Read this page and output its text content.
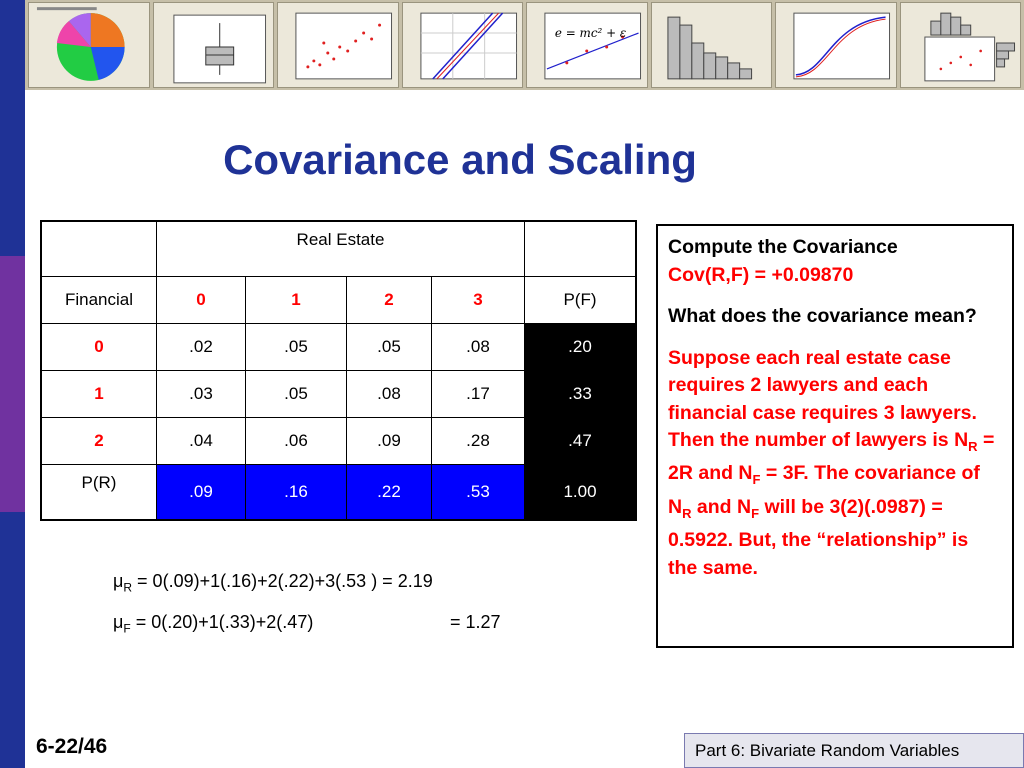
e = mc² + ε
Covariance and Scaling
	Real Estate				
Financial	0	1	2	3	P(F)
0	.02	.05	.05	.08	.20
1	.03	.05	.08	.17	.33
2	.04	.06	.09	.28	.47
P(R)	.09	.16	.22	.53	1.00
$\mu_R = 0(.09)+1(.16)+2(.22)+3(.53$ ) = 2.19
$\mu_F = 0(.20)+1(.33)+2(.47)$	= 1.27

Compute the Covariance

Cov(R,F) = +0.09870

What does the covariance mean?

Suppose each real estate case requires 2 lawyers and each financial case requires 3 lawyers. Then the number of lawyers is $N_R = 2R$ and $N_F = 3F$. The covariance of $N_R$ and $N_F$ will be 3(2)(.0987) = 0.5922. But, the “relationship” is the same.

6-22/46	Part 6: Bivariate Random Variables
